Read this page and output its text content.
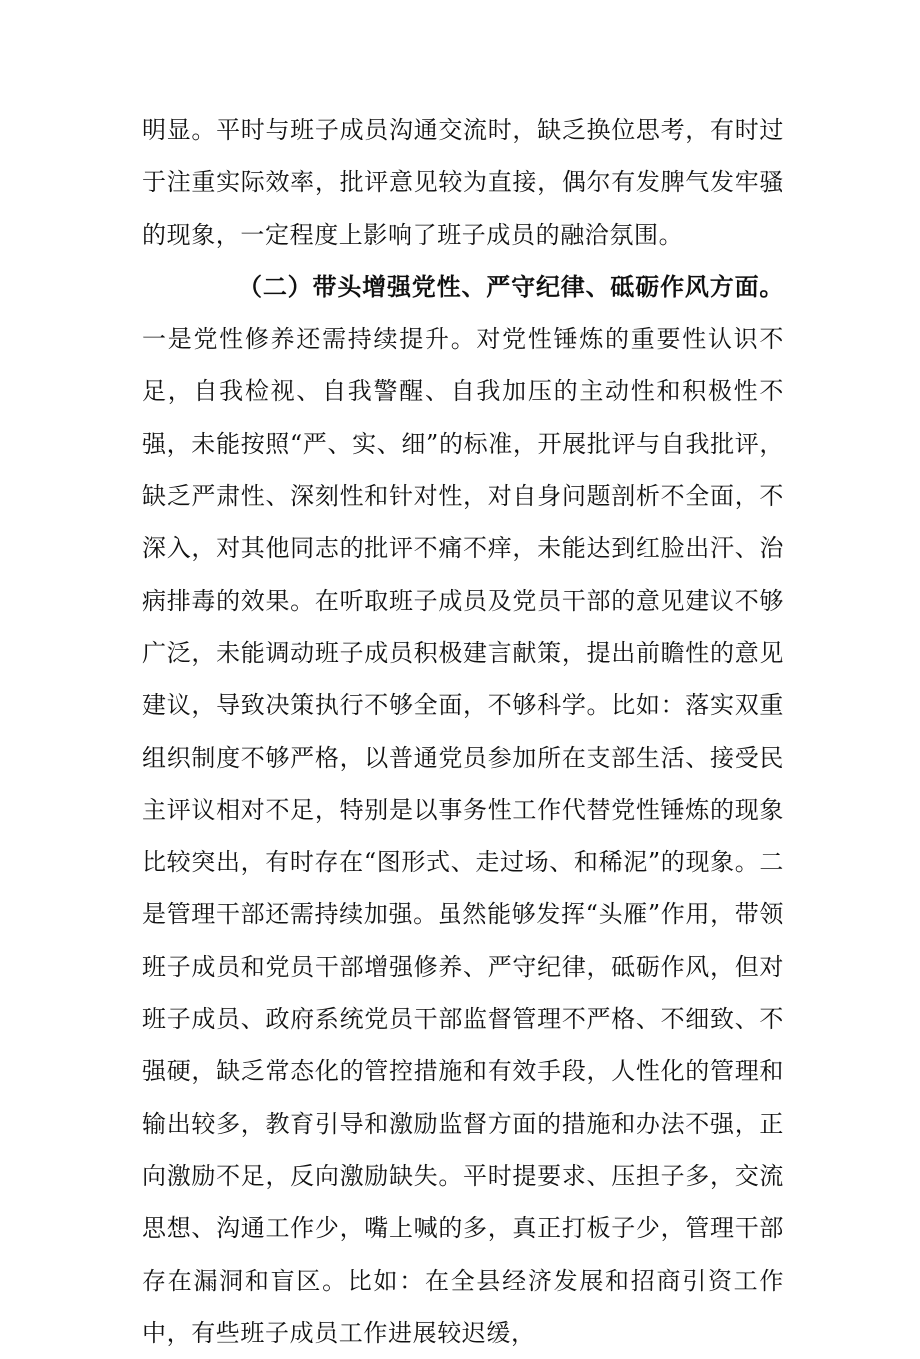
明显。平时与班子成员沟通交流时，缺乏换位思考，有时过于注重实际效率，批评意见较为直接，偶尔有发脾气发牢骚的现象，一定程度上影响了班子成员的融洽氛围。

（二）带头增强党性、严守纪律、砥砺作风方面。一是党性修养还需持续提升。对党性锤炼的重要性认识不足，自我检视、自我警醒、自我加压的主动性和积极性不强，未能按照“严、实、细”的标准，开展批评与自我批评，缺乏严肃性、深刻性和针对性，对自身问题剖析不全面，不深入，对其他同志的批评不痛不痒，未能达到红脸出汗、治病排毒的效果。在听取班子成员及党员干部的意见建议不够广泛，未能调动班子成员积极建言献策，提出前瞻性的意见建议，导致决策执行不够全面，不够科学。比如：落实双重组织制度不够严格，以普通党员参加所在支部生活、接受民主评议相对不足，特别是以事务性工作代替党性锤炼的现象比较突出，有时存在“图形式、走过场、和稀泥”的现象。二是管理干部还需持续加强。虽然能够发挥“头雁”作用，带领班子成员和党员干部增强修养、严守纪律，砥砺作风，但对班子成员、政府系统党员干部监督管理不严格、不细致、不强硬，缺乏常态化的管控措施和有效手段，人性化的管理和输出较多，教育引导和激励监督方面的措施和办法不强，正向激励不足，反向激励缺失。平时提要求、压担子多，交流思想、沟通工作少，嘴上喊的多，真正打板子少，管理干部存在漏洞和盲区。比如：在全县经济发展和招商引资工作中，有些班子成员工作进展较迟缓，
